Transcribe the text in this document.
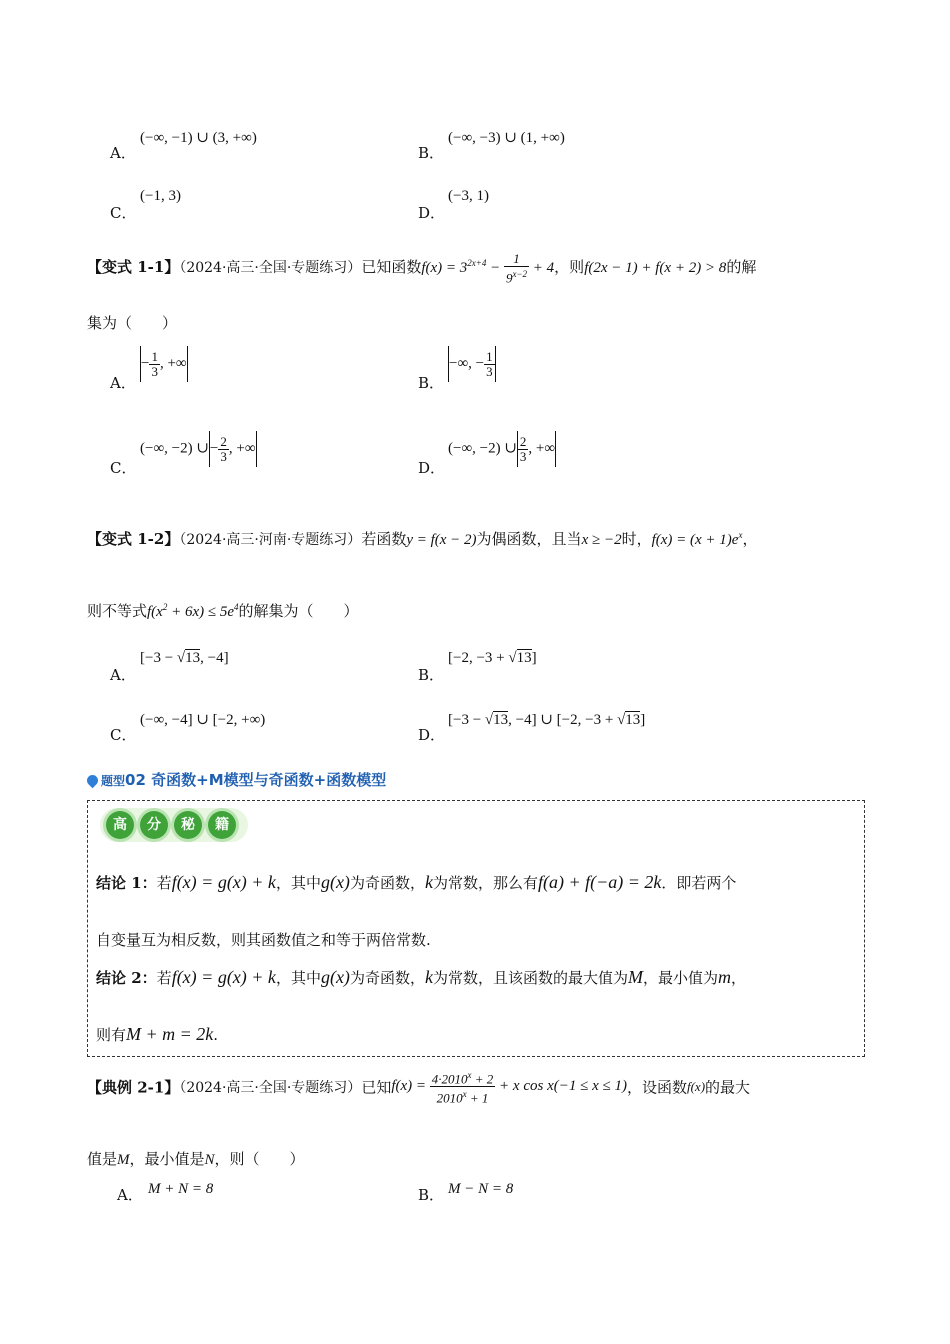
A．
(−∞, −1) ∪ (3, +∞)
B．
(−∞, −3) ∪ (1, +∞)
C．
(−1, 3)
D．
(−3, 1)
【变式 1-1】（2024·高三·全国·专题练习）已知函数$f(x) = 3^{2x+4} - \frac{1}{9^{x-2}} + 4$，则f(2x − 1) + f(x + 2) > 8的解
集为（　　）
A．
− $\frac{1}{3}$ , +∞
B．
−∞, − $\frac{1}{3}$
C．
(−∞, −2) ∪− $\frac{2}{3}$ , +∞
D．
(−∞, −2) ∪ $\frac{2}{3}$ , +∞
【变式 1-2】（2024·高三·河南·专题练习）若函数y = f(x − 2)为偶函数，且当x ≥ −2时，$f(x) = (x + 1)e^x$，
则不等式$f(x^2 + 6x) \le 5e^4$的解集为（　　）
A．
[−3 − √13, −4]
B．
[−2, −3 + √13]
C．
(−∞, −4] ∪ [−2, +∞)
D．
[−3 − √13, −4] ∪ [−2, −3 + √13]
题型02 奇函数+M模型与奇函数+函数模型
高 分 秘 籍
结论 1：若f(x) = g(x) + k，其中g(x)为奇函数，k为常数，那么有f(a) + f(−a) = 2k．即若两个
自变量互为相反数，则其函数值之和等于两倍常数.
结论 2：若f(x) = g(x) + k，其中g(x)为奇函数，k为常数，且该函数的最大值为M，最小值为m，
则有M + m = 2k.
【典例 2-1】（2024·高三·全国·专题练习）已知$f(x) = \frac{4\cdot 2010^x + 2}{2010^x + 1} + x$ cos x(−1 ≤ x ≤ 1)，设函数f(x)的最大
值是M，最小值是N，则（　　）
A． M + N = 8	B． M − N = 8
